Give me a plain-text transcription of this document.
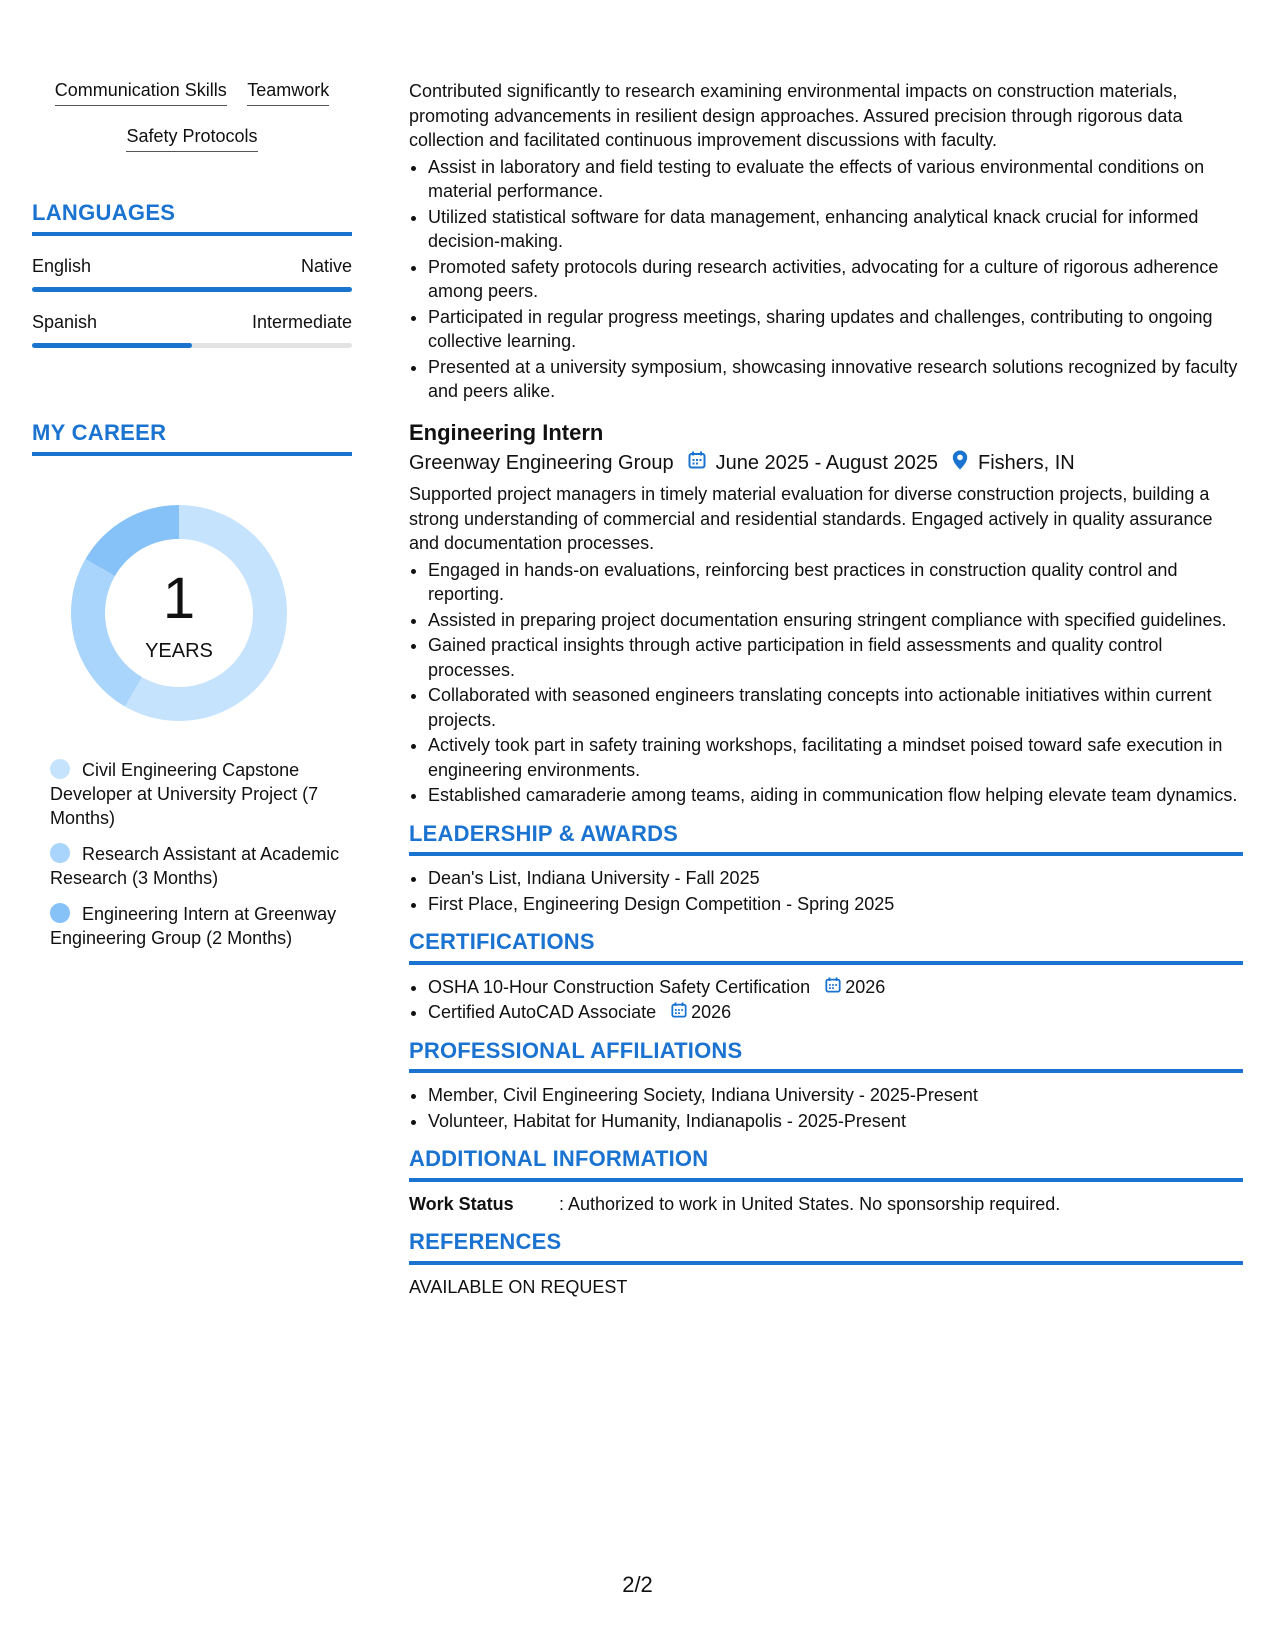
Communication Skills Teamwork
Safety Protocols
LANGUAGES
English	Native
Spanish	Intermediate
MY CAREER
1
YEARS
Civil Engineering Capstone Developer at University Project (7 Months)
Research Assistant at Academic Research (3 Months)
Engineering Intern at Greenway Engineering Group (2 Months)

Contributed significantly to research examining environmental impacts on construction materials, promoting advancements in resilient design approaches. Assured precision through rigorous data collection and facilitated continuous improvement discussions with faculty.

• Assist in laboratory and field testing to evaluate the effects of various environmental conditions on material performance.
• Utilized statistical software for data management, enhancing analytical knack crucial for informed decision-making.
• Promoted safety protocols during research activities, advocating for a culture of rigorous adherence among peers.
• Participated in regular progress meetings, sharing updates and challenges, contributing to ongoing collective learning.
• Presented at a university symposium, showcasing innovative research solutions recognized by faculty and peers alike.
Engineering Intern
Greenway Engineering Group June 2025 - August 2025 Fishers, IN

Supported project managers in timely material evaluation for diverse construction projects, building a strong understanding of commercial and residential standards. Engaged actively in quality assurance and documentation processes.

• Engaged in hands-on evaluations, reinforcing best practices in construction quality control and reporting.
• Assisted in preparing project documentation ensuring stringent compliance with specified guidelines.
• Gained practical insights through active participation in field assessments and quality control processes.
• Collaborated with seasoned engineers translating concepts into actionable initiatives within current projects.
• Actively took part in safety training workshops, facilitating a mindset poised toward safe execution in engineering environments.
• Established camaraderie among teams, aiding in communication flow helping elevate team dynamics.
LEADERSHIP & AWARDS
• Dean's List, Indiana University - Fall 2025
• First Place, Engineering Design Competition - Spring 2025
CERTIFICATIONS
• OSHA 10-Hour Construction Safety Certification 2026
• Certified AutoCAD Associate 2026
PROFESSIONAL AFFILIATIONS
• Member, Civil Engineering Society, Indiana University - 2025-Present
• Volunteer, Habitat for Humanity, Indianapolis - 2025-Present
ADDITIONAL INFORMATION
Work Status	: Authorized to work in United States. No sponsorship required.
REFERENCES

AVAILABLE ON REQUEST

2/2
